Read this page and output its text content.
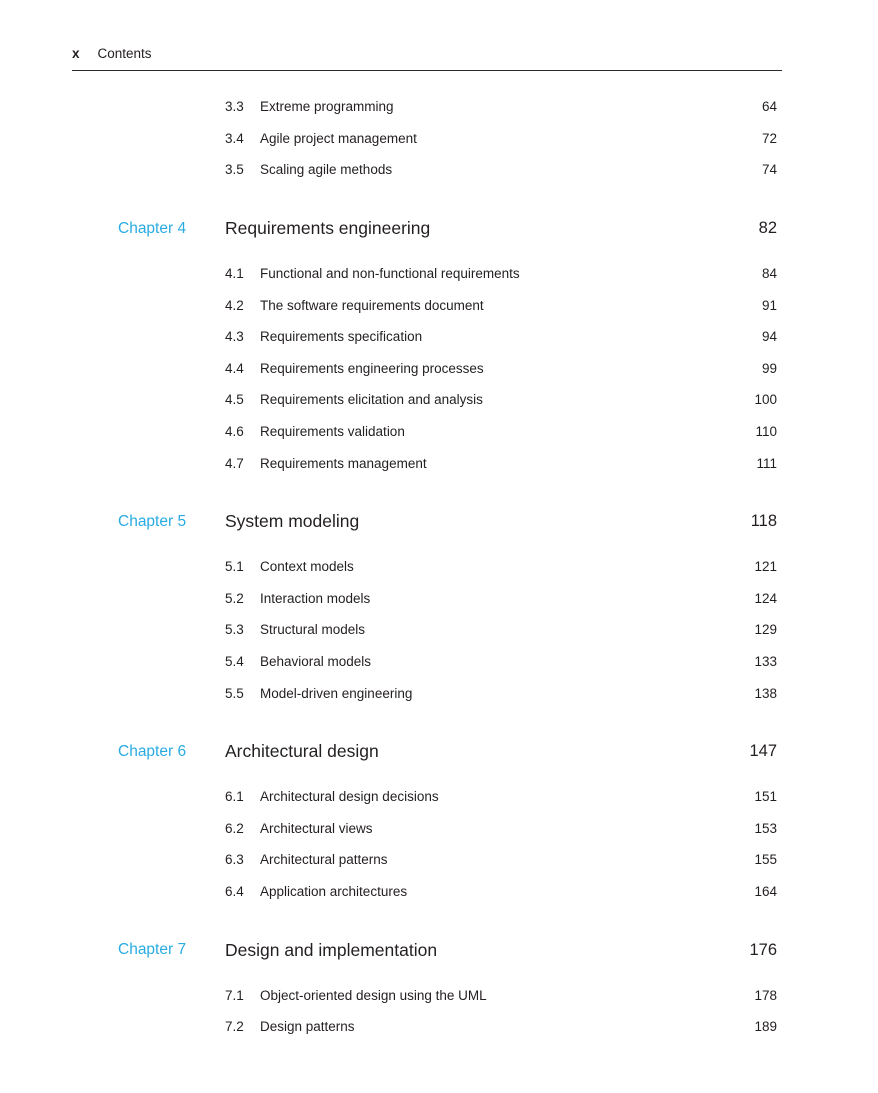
x Contents
3.3	Extreme programming	64
3.4	Agile project management	72
3.5	Scaling agile methods	74
Chapter 4	Requirements engineering	82
4.1	Functional and non-functional requirements	84
4.2	The software requirements document	91
4.3	Requirements specification	94
4.4	Requirements engineering processes	99
4.5	Requirements elicitation and analysis	100
4.6	Requirements validation	110
4.7	Requirements management	111
Chapter 5	System modeling	118
5.1	Context models	121
5.2	Interaction models	124
5.3	Structural models	129
5.4	Behavioral models	133
5.5	Model-driven engineering	138
Chapter 6	Architectural design	147
6.1	Architectural design decisions	151
6.2	Architectural views	153
6.3	Architectural patterns	155
6.4	Application architectures	164
Chapter 7	Design and implementation	176
7.1	Object-oriented design using the UML	178
7.2	Design patterns	189
